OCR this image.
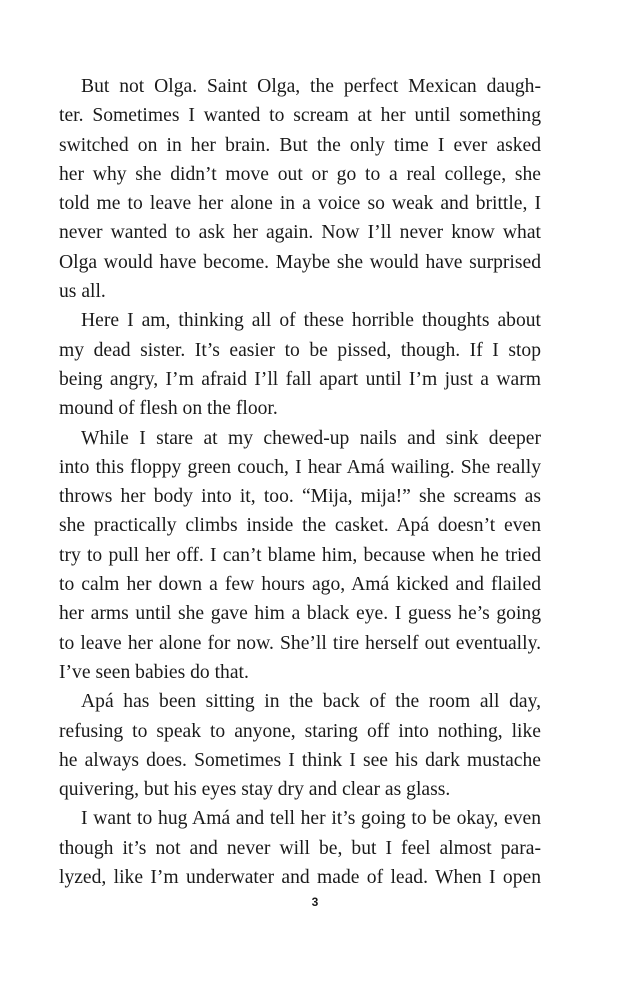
But not Olga. Saint Olga, the perfect Mexican daugh-
ter. Sometimes I wanted to scream at her until something
switched on in her brain. But the only time I ever asked
her why she didn’t move out or go to a real college, she
told me to leave her alone in a voice so weak and brittle, I
never wanted to ask her again. Now I’ll never know what
Olga would have become. Maybe she would have surprised
us all.
Here I am, thinking all of these horrible thoughts about
my dead sister. It’s easier to be pissed, though. If I stop
being angry, I’m afraid I’ll fall apart until I’m just a warm
mound of flesh on the floor.
While I stare at my chewed-up nails and sink deeper
into this floppy green couch, I hear Amá wailing. She really
throws her body into it, too. “Mija, mija!” she screams as
she practically climbs inside the casket. Apá doesn’t even
try to pull her off. I can’t blame him, because when he tried
to calm her down a few hours ago, Amá kicked and flailed
her arms until she gave him a black eye. I guess he’s going
to leave her alone for now. She’ll tire herself out eventually.
I’ve seen babies do that.
Apá has been sitting in the back of the room all day,
refusing to speak to anyone, staring off into nothing, like
he always does. Sometimes I think I see his dark mustache
quivering, but his eyes stay dry and clear as glass.
I want to hug Amá and tell her it’s going to be okay, even
though it’s not and never will be, but I feel almost para-
lyzed, like I’m underwater and made of lead. When I open
3
